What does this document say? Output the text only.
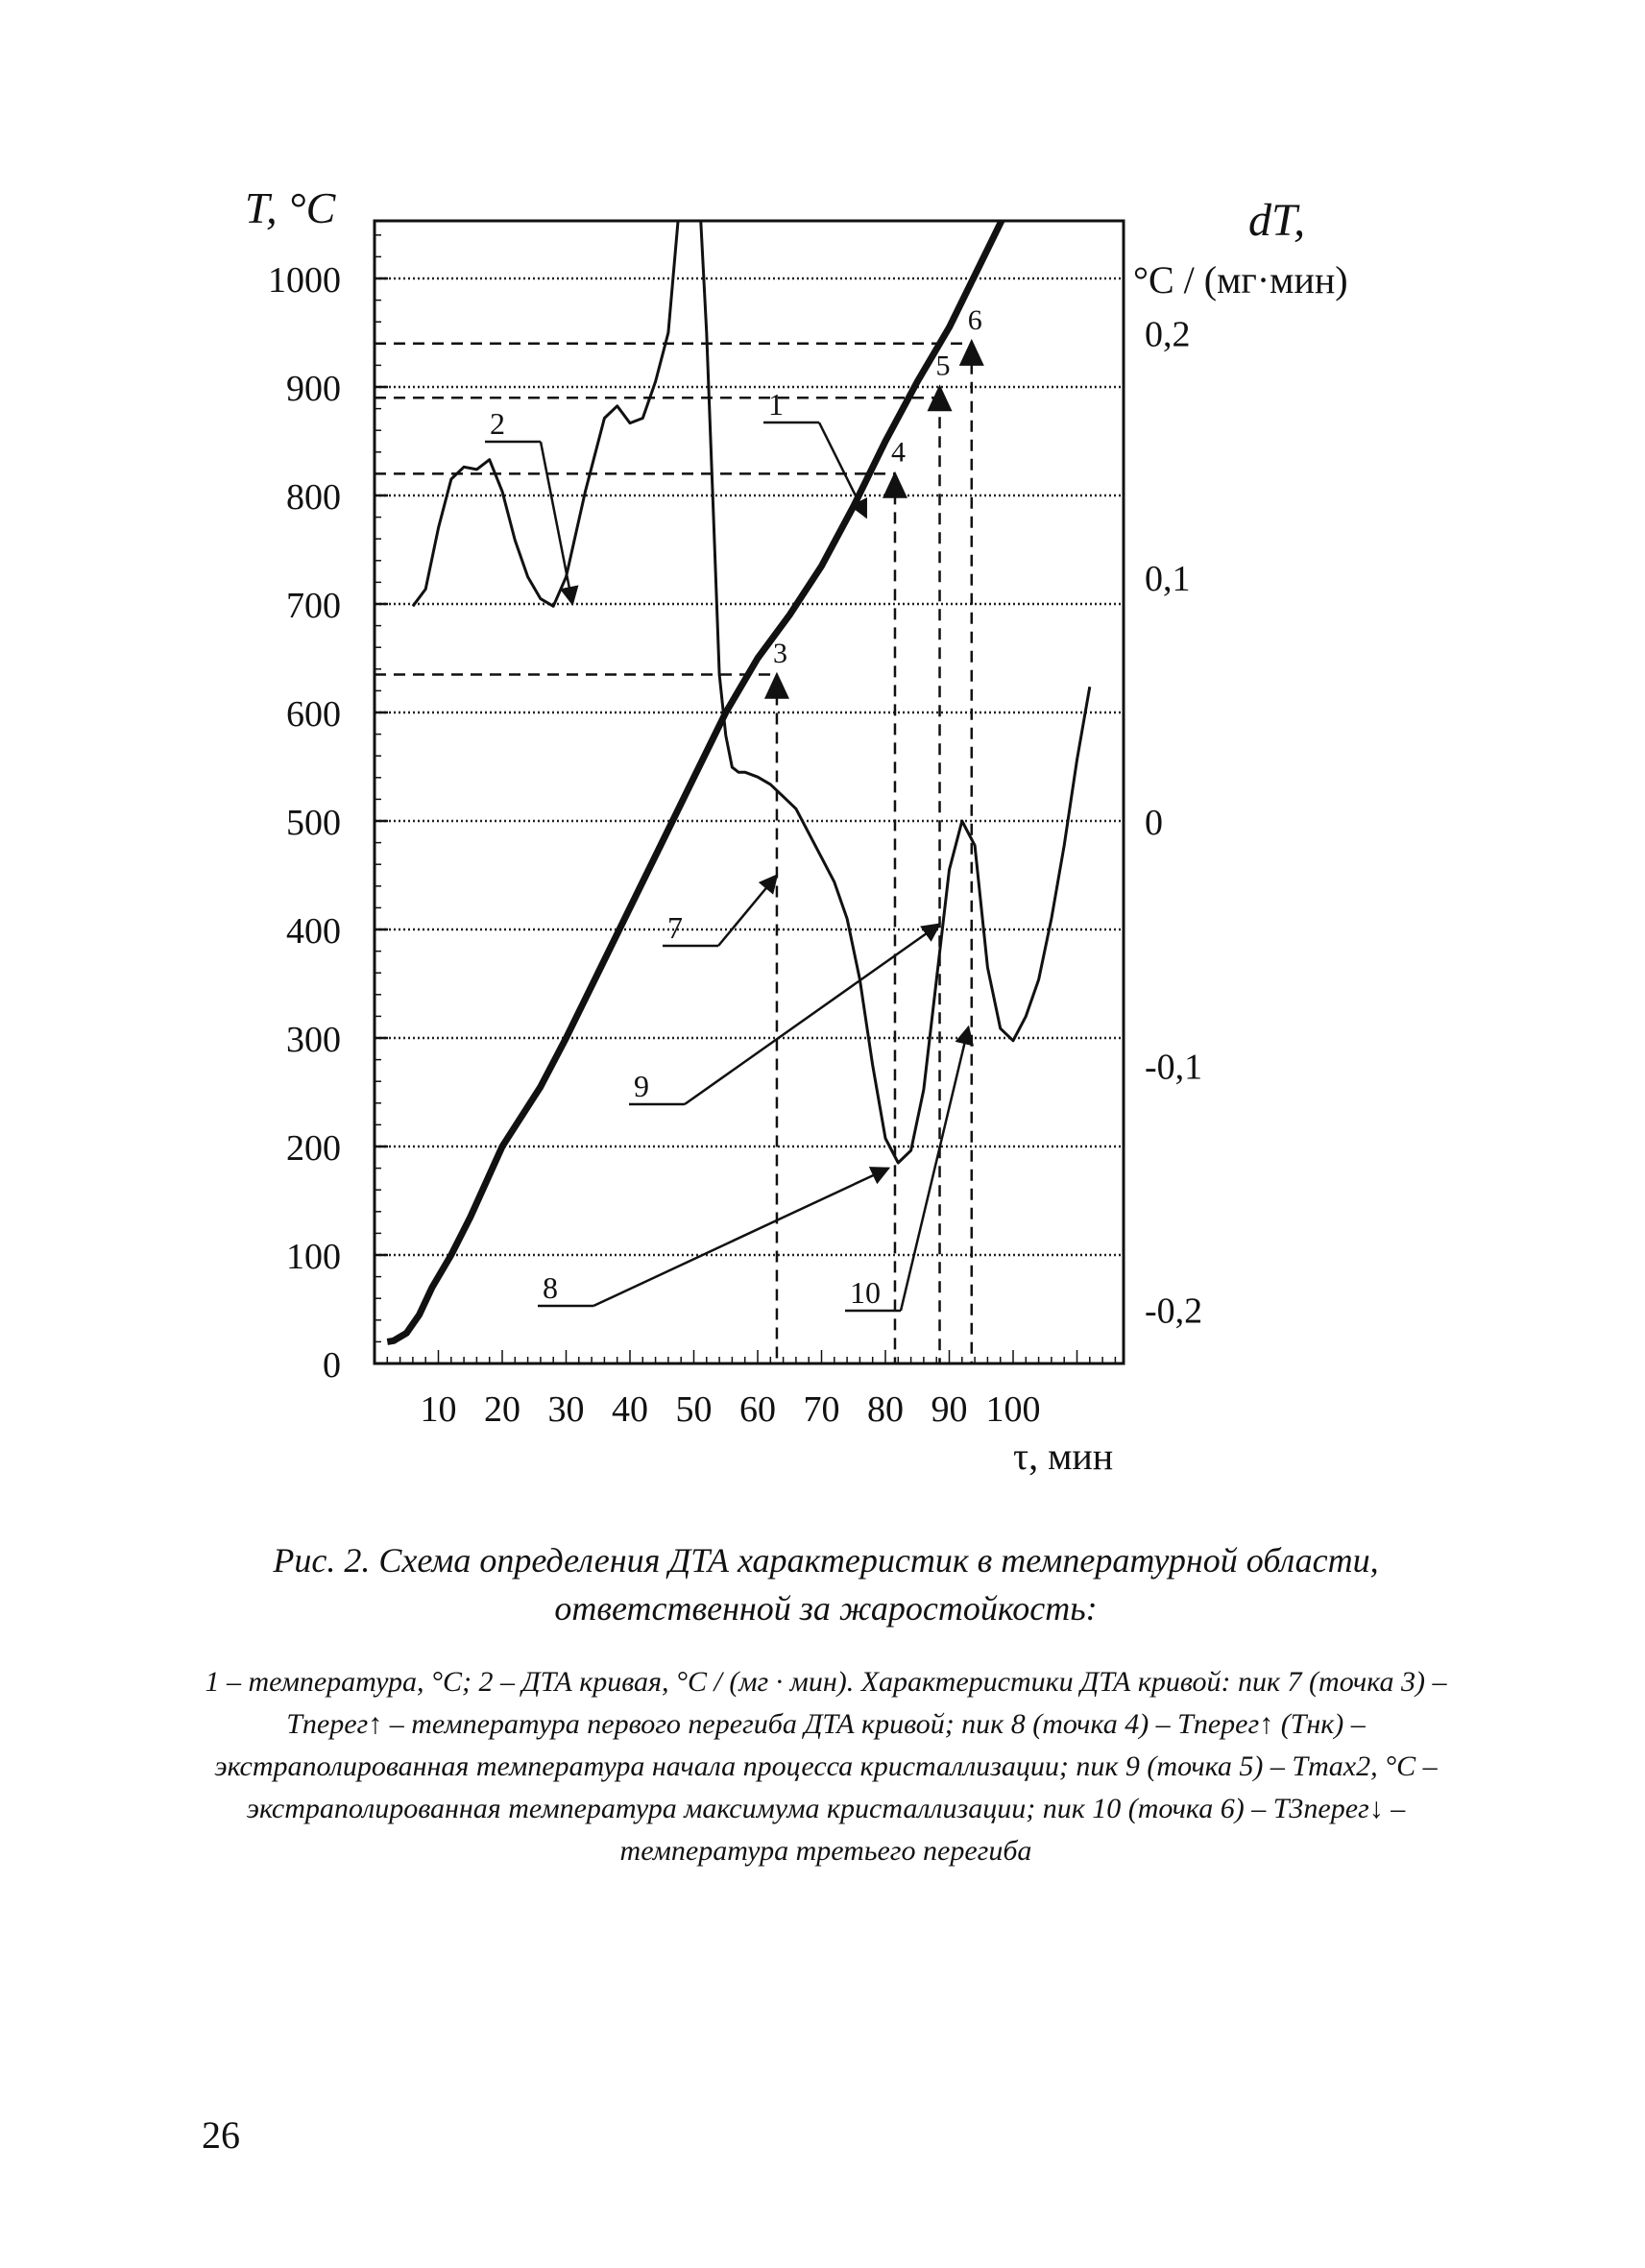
3
4
5
6
1
2
7
8
9
10
0
100
200
300
400
500
600
700
800
900
1000
-0,2
-0,1
0
0,1
0,2
10 20 30 40 50 60 70 80 90 100
T, °C	dT,
°C / (мг·мин)
τ, мин
Рис. 2. Схема определения ДТА характеристик в температурной области, ответственной за жаростойкость:
1 – температура, °С; 2 – ДТА кривая, °С / (мг · мин). Характеристики ДТА кривой: пик 7 (точка 3) – Tперег↑ – температура первого перегиба ДТА кривой; пик 8 (точка 4) – Tперег↑ (Tнк) – экстраполированная температура начала процесса кристаллизации; пик 9 (точка 5) – Tmax2, °С – экстраполированная температура максимума кристаллизации; пик 10 (точка 6) – T3перег↓ – температура третьего перегиба
26
